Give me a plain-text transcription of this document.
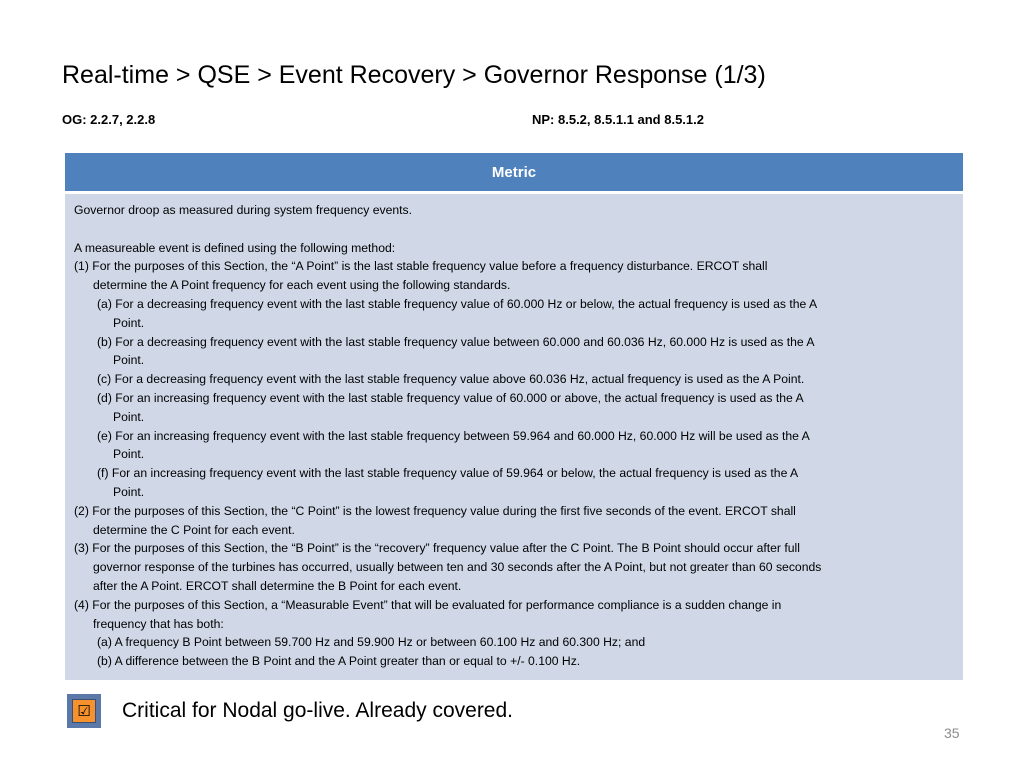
Real-time > QSE > Event Recovery > Governor Response (1/3)
OG: 2.2.7, 2.2.8	NP: 8.5.2, 8.5.1.1 and 8.5.1.2
Metric
Governor droop as measured during system frequency events.
A measureable event is defined using the following method:
(1) For the purposes of this Section, the “A Point” is the last stable frequency value before a frequency disturbance. ERCOT shall
determine the A Point frequency for each event using the following standards.
(a) For a decreasing frequency event with the last stable frequency value of 60.000 Hz or below, the actual frequency is used as the A
Point.
(b) For a decreasing frequency event with the last stable frequency value between 60.000 and 60.036 Hz, 60.000 Hz is used as the A
Point.
(c) For a decreasing frequency event with the last stable frequency value above 60.036 Hz, actual frequency is used as the A Point.
(d) For an increasing frequency event with the last stable frequency value of 60.000 or above, the actual frequency is used as the A
Point.
(e) For an increasing frequency event with the last stable frequency between 59.964 and 60.000 Hz, 60.000 Hz will be used as the A
Point.
(f) For an increasing frequency event with the last stable frequency value of 59.964 or below, the actual frequency is used as the A
Point.
(2) For the purposes of this Section, the “C Point” is the lowest frequency value during the first five seconds of the event. ERCOT shall
determine the C Point for each event.
(3) For the purposes of this Section, the “B Point” is the “recovery” frequency value after the C Point. The B Point should occur after full
governor response of the turbines has occurred, usually between ten and 30 seconds after the A Point, but not greater than 60 seconds
after the A Point. ERCOT shall determine the B Point for each event.
(4) For the purposes of this Section, a “Measurable Event” that will be evaluated for performance compliance is a sudden change in
frequency that has both:
(a) A frequency B Point between 59.700 Hz and 59.900 Hz or between 60.100 Hz and 60.300 Hz; and
(b) A difference between the B Point and the A Point greater than or equal to +/- 0.100 Hz.
☑ Critical for Nodal go-live. Already covered.
35
